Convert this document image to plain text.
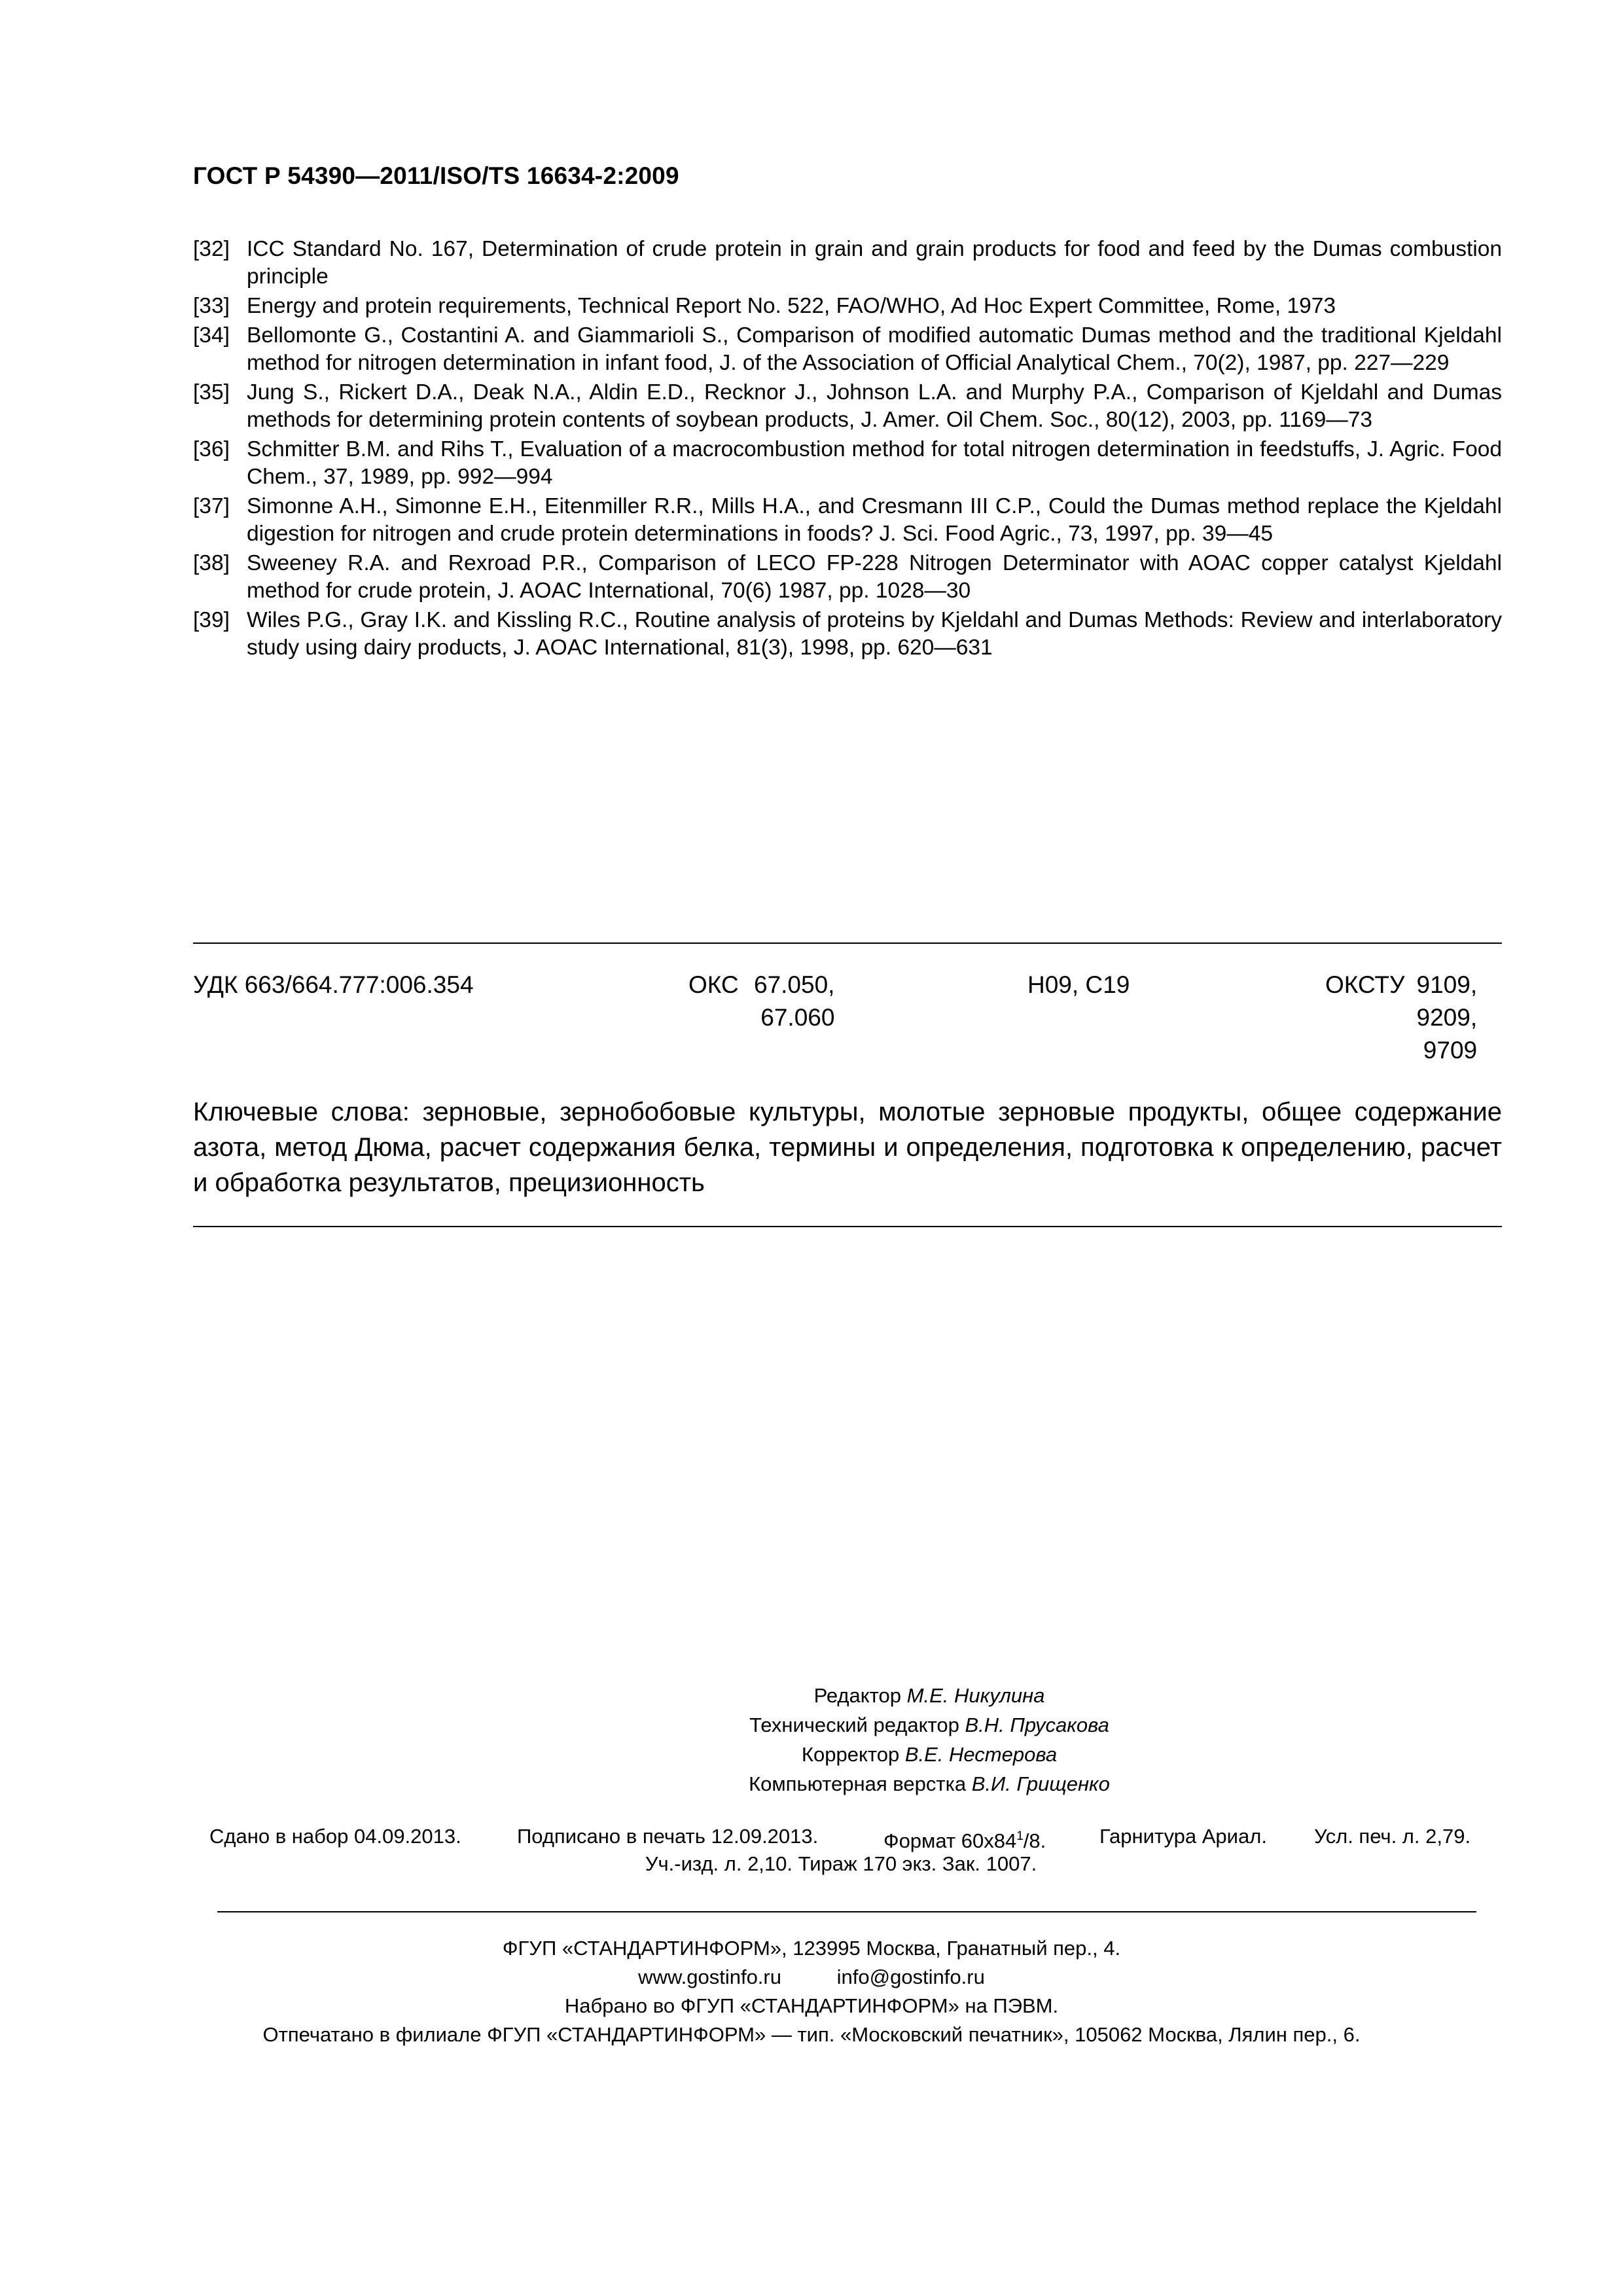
ГОСТ Р 54390—2011/ISO/TS 16634-2:2009
[32] ICC Standard No. 167, Determination of crude protein in grain and grain products for food and feed by the Dumas combustion principle
[33] Energy and protein requirements, Technical Report No. 522, FAO/WHO, Ad Hoc Expert Committee, Rome, 1973
[34] Bellomonte G., Costantini A. and Giammarioli S., Comparison of modified automatic Dumas method and the traditional Kjeldahl method for nitrogen determination in infant food, J. of the Association of Official Analytical Chem., 70(2), 1987, pp. 227—229
[35] Jung S., Rickert D.A., Deak N.A., Aldin E.D., Recknor J., Johnson L.A. and Murphy P.A., Comparison of Kjeldahl and Dumas methods for determining protein contents of soybean products, J. Amer. Oil Chem. Soc., 80(12), 2003, pp. 1169—73
[36] Schmitter B.M. and Rihs T., Evaluation of a macrocombustion method for total nitrogen determination in feedstuffs, J. Agric. Food Chem., 37, 1989, pp. 992—994
[37] Simonne A.H., Simonne E.H., Eitenmiller R.R., Mills H.A., and Cresmann III C.P., Could the Dumas method replace the Kjeldahl digestion for nitrogen and crude protein determinations in foods? J. Sci. Food Agric., 73, 1997, pp. 39—45
[38] Sweeney R.A. and Rexroad P.R., Comparison of LECO FP-228 Nitrogen Determinator with AOAC copper catalyst Kjeldahl method for crude protein, J. AOAC International, 70(6) 1987, pp. 1028—30
[39] Wiles P.G., Gray I.K. and Kissling R.C., Routine analysis of proteins by Kjeldahl and Dumas Methods: Review and interlaboratory study using dairy products, J. AOAC International, 81(3), 1998, pp. 620—631
УДК 663/664.777:006.354	ОКС 67.050,
67.060
Н09, С19	ОКСТУ 9109,
9209,
9709
Ключевые слова: зерновые, зернобобовые культуры, молотые зерновые продукты, общее содержание азота, метод Дюма, расчет содержания белка, термины и определения, подготовка к определению, расчет и обработка результатов, прецизионность
Редактор М.Е. Никулина
Технический редактор В.Н. Прусакова
Корректор В.Е. Нестерова
Компьютерная верстка В.И. Грищенко
Сдано в набор 04.09.2013.	Подписано в печать 12.09.2013.	Формат $60x84^1/8$.	Гарнитура Ариал. Усл. печ. л. 2,79.
Уч.-изд. л. 2,10. Тираж 170 экз. Зак. 1007.
ФГУП «СТАНДАРТИНФОРМ», 123995 Москва, Гранатный пер., 4.
www.gostinfo.ru	info@gostinfo.ru
Набрано во ФГУП «СТАНДАРТИНФОРМ» на ПЭВМ.
Отпечатано в филиале ФГУП «СТАНДАРТИНФОРМ» — тип. «Московский печатник», 105062 Москва, Лялин пер., 6.
